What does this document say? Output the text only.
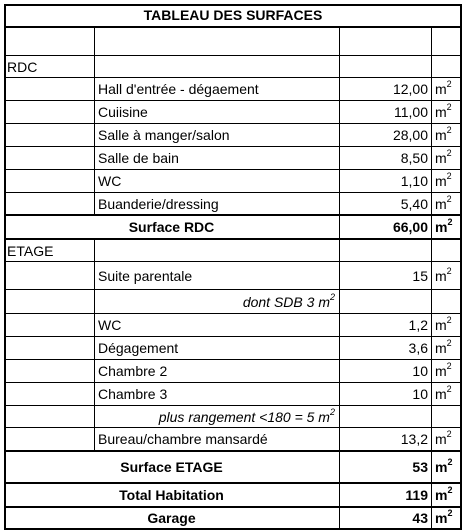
TABLEAU DES SURFACES
RDC
Hall d'entrée - dégaement	12,00 $m^2$
Cuiisine	11,00 $m^2$
Salle à manger/salon	28,00 $m^2$
Salle de bain	8,50 $m^2$
WC	1,10 $m^2$
Buanderie/dressing	5,40 $m^2$
Surface RDC	66,00 $m^2$
ETAGE
Suite parentale	15 $m^2$
dont SDB 3 $m^2$
WC	1,2 $m^2$
Dégagement	3,6 $m^2$
Chambre 2	10 $m^2$
Chambre 3	10 $m^2$
plus rangement <180 = 5 $m^2$
Bureau/chambre mansardé	13,2 $m^2$
Surface ETAGE	53 $m^2$
Total Habitation	119 $m^2$
Garage	43 $m^2$
